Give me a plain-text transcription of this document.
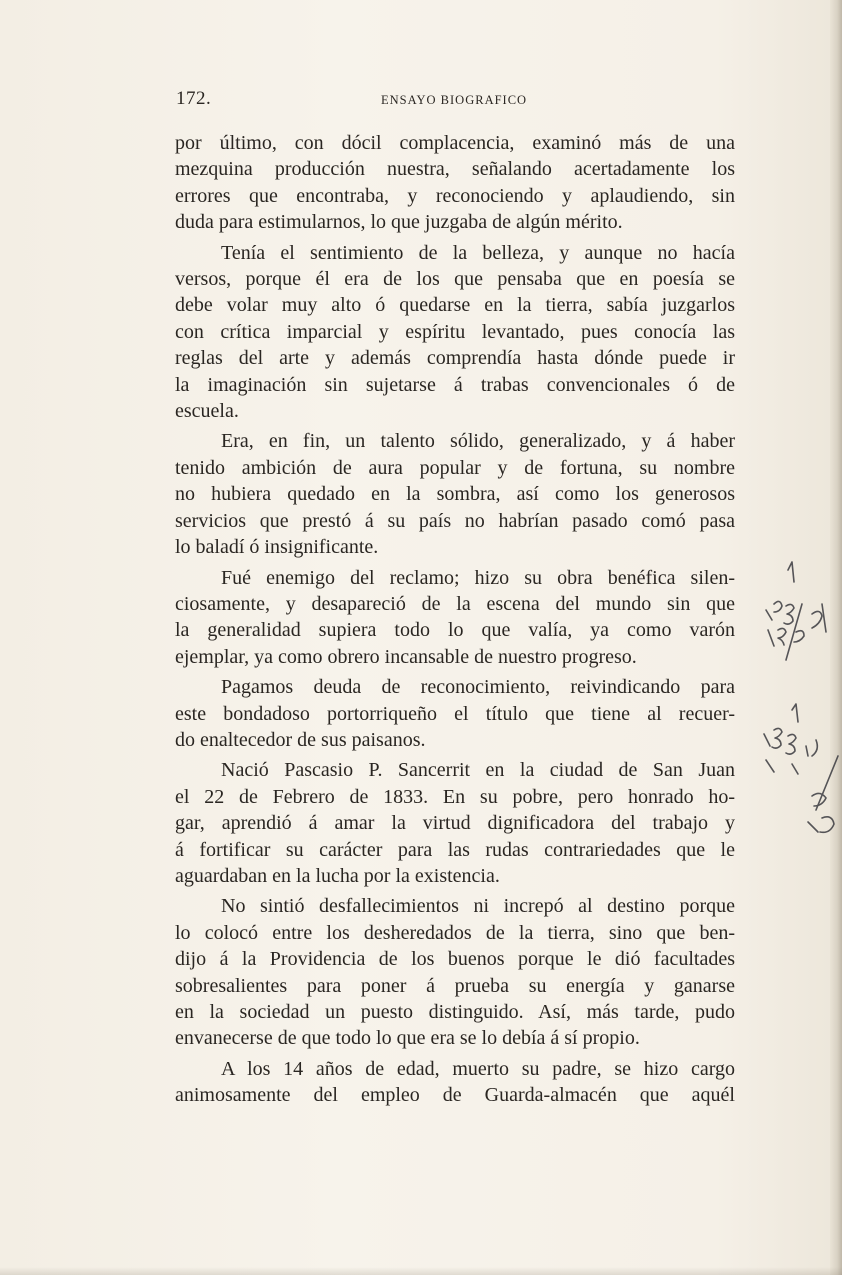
172.	ENSAYO BIOGRAFICO

por último, con dócil complacencia, examinó más de una
mezquina producción nuestra, señalando acertadamente los
errores que encontraba, y reconociendo y aplaudiendo, sin
duda para estimularnos, lo que juzgaba de algún mérito.

Tenía el sentimiento de la belleza, y aunque no hacía
versos, porque él era de los que pensaba que en poesía se
debe volar muy alto ó quedarse en la tierra, sabía juzgarlos
con crítica imparcial y espíritu levantado, pues conocía las
reglas del arte y además comprendía hasta dónde puede ir
la imaginación sin sujetarse á trabas convencionales ó de
escuela.

Era, en fin, un talento sólido, generalizado, y á haber
tenido ambición de aura popular y de fortuna, su nombre
no hubiera quedado en la sombra, así como los generosos
servicios que prestó á su país no habrían pasado comó pasa
lo baladí ó insignificante.

Fué enemigo del reclamo; hizo su obra benéfica silen-
ciosamente, y desapareció de la escena del mundo sin que
la generalidad supiera todo lo que valía, ya como varón
ejemplar, ya como obrero incansable de nuestro progreso.

Pagamos deuda de reconocimiento, reivindicando para
este bondadoso portorriqueño el título que tiene al recuer-
do enaltecedor de sus paisanos.

Nació Pascasio P. Sancerrit en la ciudad de San Juan
el 22 de Febrero de 1833. En su pobre, pero honrado ho-
gar, aprendió á amar la virtud dignificadora del trabajo y
á fortificar su carácter para las rudas contrariedades que le
aguardaban en la lucha por la existencia.

No sintió desfallecimientos ni increpó al destino porque
lo colocó entre los desheredados de la tierra, sino que ben-
dijo á la Providencia de los buenos porque le dió facultades
sobresalientes para poner á prueba su energía y ganarse
en la sociedad un puesto distinguido. Así, más tarde, pudo
envanecerse de que todo lo que era se lo debía á sí propio.

A los 14 años de edad, muerto su padre, se hizo cargo
animosamente del empleo de Guarda-almacén que aquél
